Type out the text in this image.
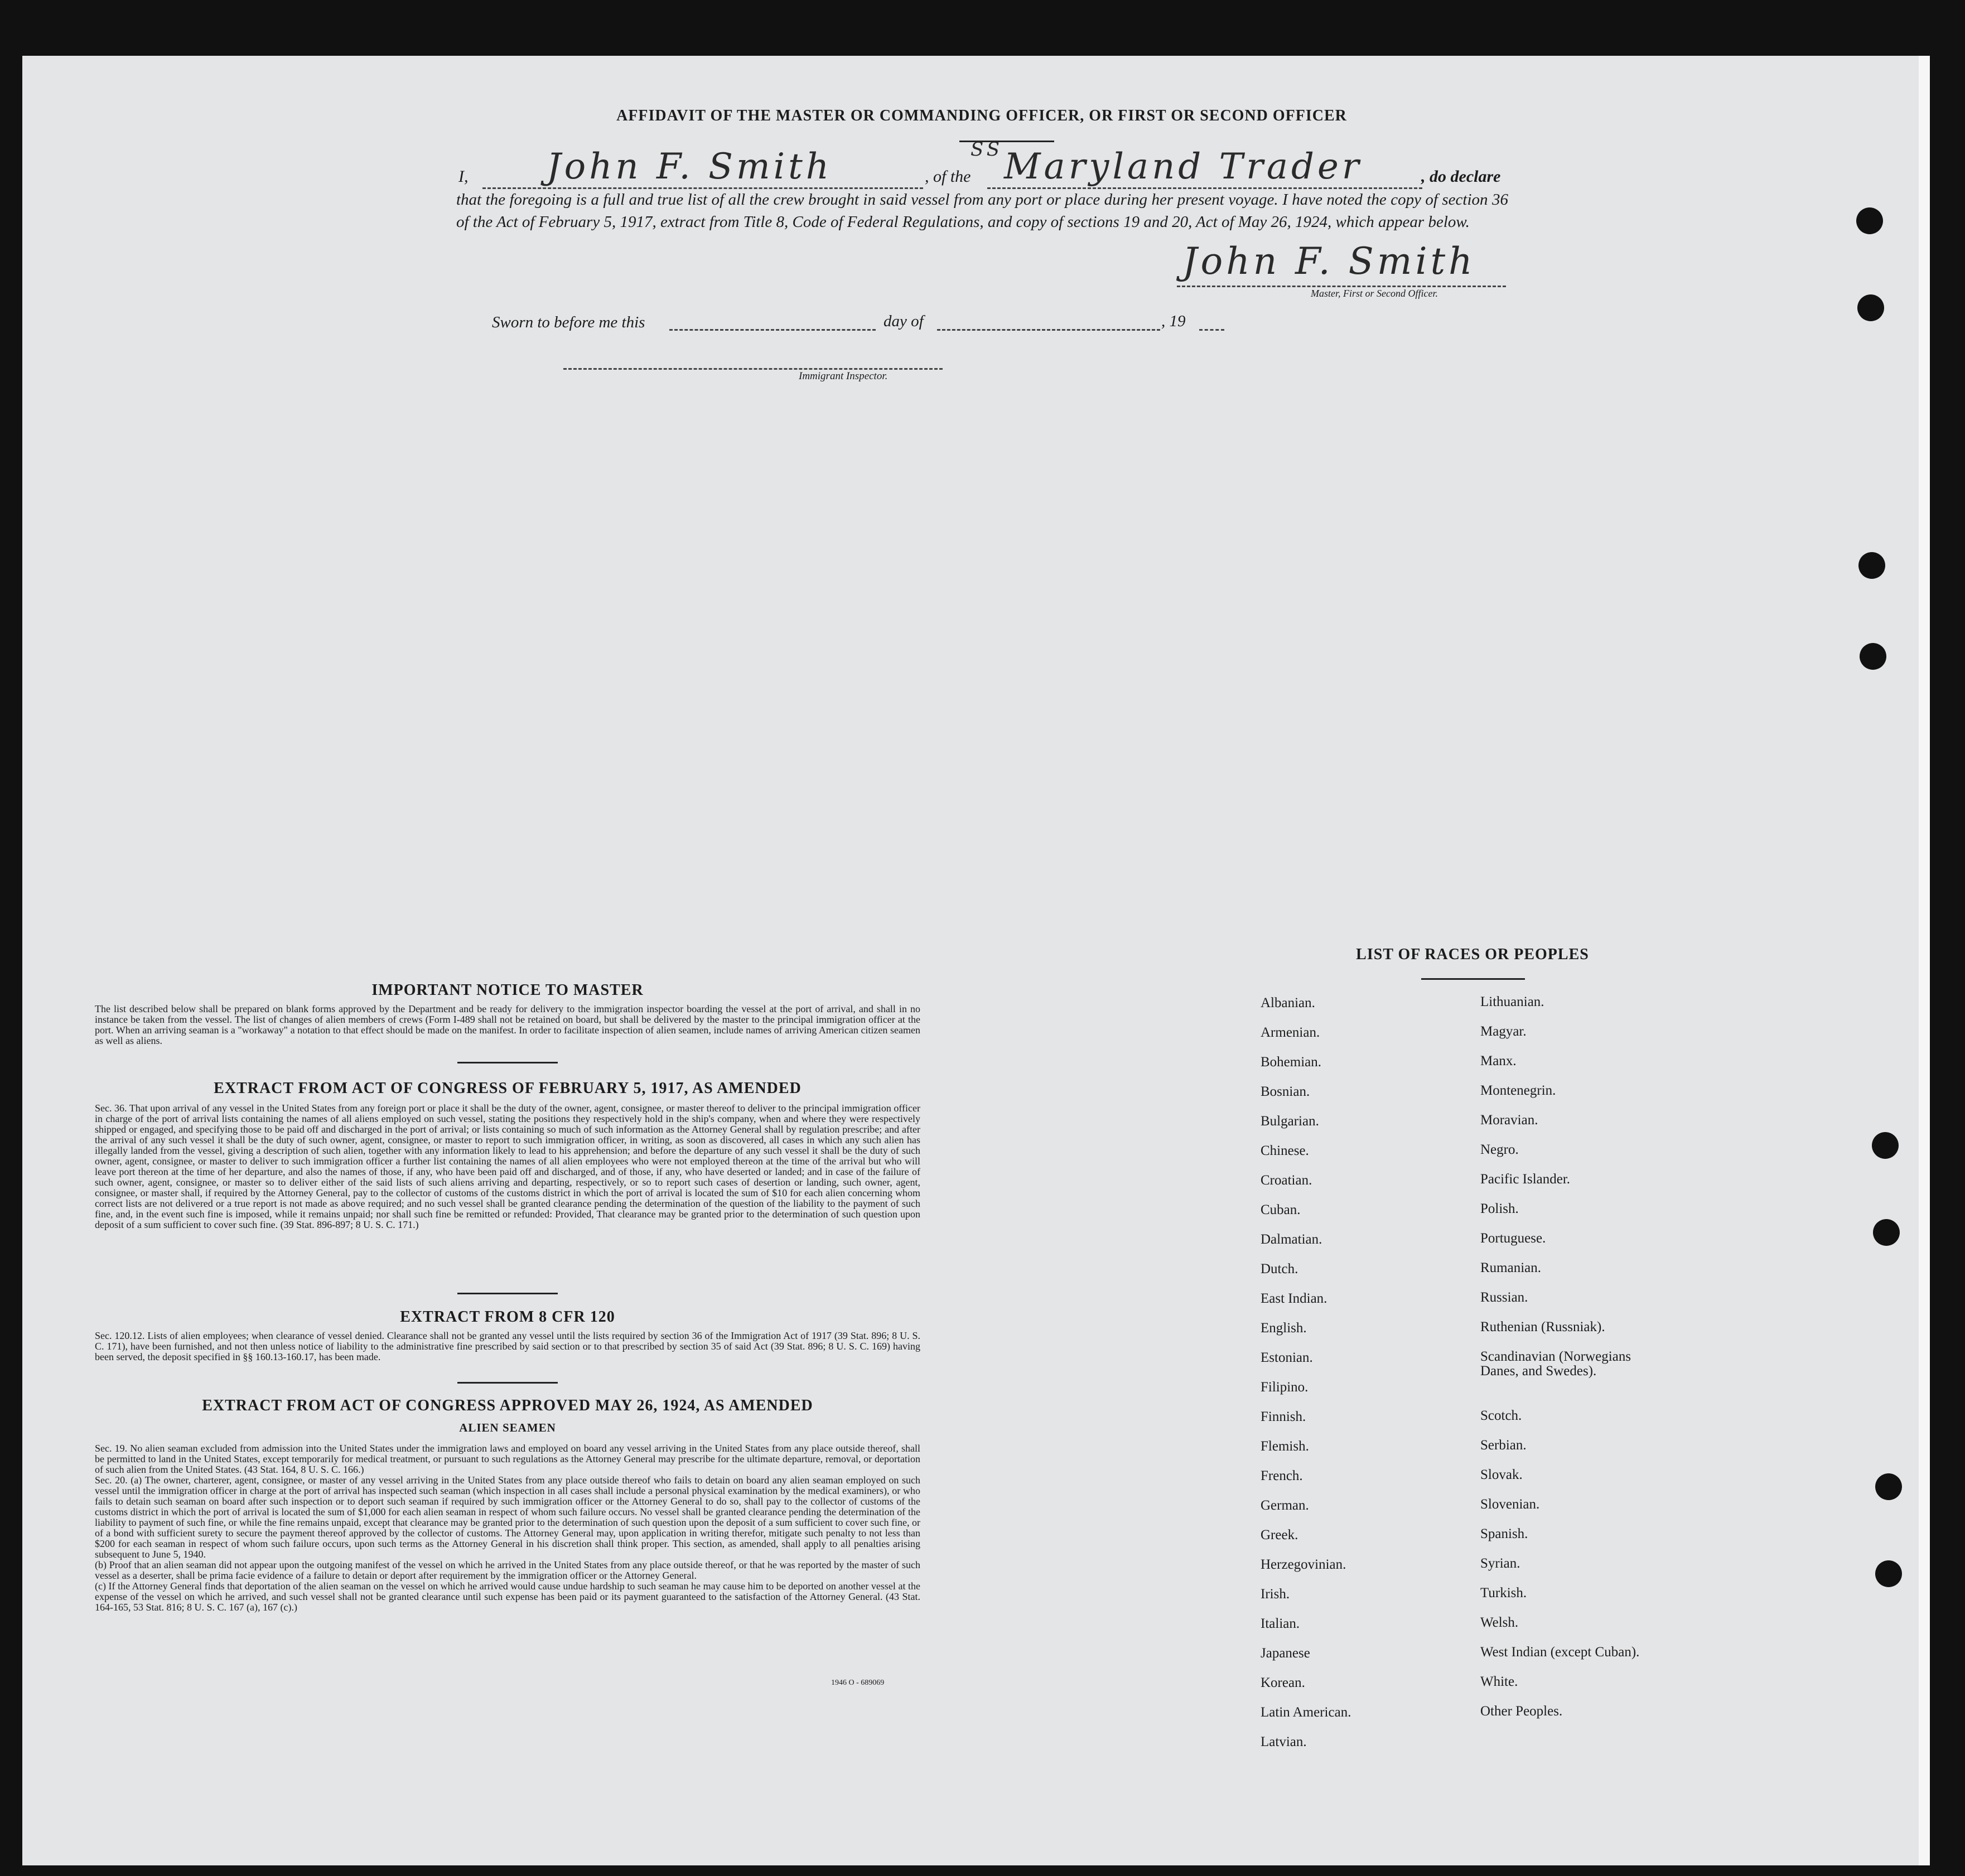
AFFIDAVIT OF THE MASTER OR COMMANDING OFFICER, OR FIRST OR SECOND OFFICER
I, John F. Smith	, of the
SS Maryland Trader	, do declare
that the foregoing is a full and true list of all the crew brought in said vessel from any port or place during her present voyage. I have noted the copy of section 36 of the Act of February 5, 1917, extract from Title 8, Code of Federal Regulations, and copy of sections 19 and 20, Act of May 26, 1924, which appear below.
John F. Smith
Master, First or Second Officer.
Sworn to before me this	day of	, 19
Immigrant Inspector.
IMPORTANT NOTICE TO MASTER
The list described below shall be prepared on blank forms approved by the Department and be ready for delivery to the immigration inspector boarding the vessel at the port of arrival, and shall in no instance be taken from the vessel. The list of changes of alien members of crews (Form I-489 shall not be retained on board, but shall be delivered by the master to the principal immigration officer at the port. When an arriving seaman is a "workaway" a notation to that effect should be made on the manifest. In order to facilitate inspection of alien seamen, include names of arriving American citizen seamen as well as aliens.
EXTRACT FROM ACT OF CONGRESS OF FEBRUARY 5, 1917, AS AMENDED
Sec. 36. That upon arrival of any vessel in the United States from any foreign port or place it shall be the duty of the owner, agent, consignee, or master thereof to deliver to the principal immigration officer in charge of the port of arrival lists containing the names of all aliens employed on such vessel, stating the positions they respectively hold in the ship's company, when and where they were respectively shipped or engaged, and specifying those to be paid off and discharged in the port of arrival; or lists containing so much of such information as the Attorney General shall by regulation prescribe; and after the arrival of any such vessel it shall be the duty of such owner, agent, consignee, or master to report to such immigration officer, in writing, as soon as discovered, all cases in which any such alien has illegally landed from the vessel, giving a description of such alien, together with any information likely to lead to his apprehension; and before the departure of any such vessel it shall be the duty of such owner, agent, consignee, or master to deliver to such immigration officer a further list containing the names of all alien employees who were not employed thereon at the time of the arrival but who will leave port thereon at the time of her departure, and also the names of those, if any, who have been paid off and discharged, and of those, if any, who have deserted or landed; and in case of the failure of such owner, agent, consignee, or master so to deliver either of the said lists of such aliens arriving and departing, respectively, or so to report such cases of desertion or landing, such owner, agent, consignee, or master shall, if required by the Attorney General, pay to the collector of customs of the customs district in which the port of arrival is located the sum of $10 for each alien concerning whom correct lists are not delivered or a true report is not made as above required; and no such vessel shall be granted clearance pending the determination of the question of the liability to the payment of such fine, and, in the event such fine is imposed, while it remains unpaid; nor shall such fine be remitted or refunded: Provided, That clearance may be granted prior to the determination of such question upon deposit of a sum sufficient to cover such fine. (39 Stat. 896-897; 8 U. S. C. 171.)
EXTRACT FROM 8 CFR 120
Sec. 120.12. Lists of alien employees; when clearance of vessel denied. Clearance shall not be granted any vessel until the lists required by section 36 of the Immigration Act of 1917 (39 Stat. 896; 8 U. S. C. 171), have been furnished, and not then unless notice of liability to the administrative fine prescribed by said section or to that prescribed by section 35 of said Act (39 Stat. 896; 8 U. S. C. 169) having been served, the deposit specified in §§ 160.13-160.17, has been made.
EXTRACT FROM ACT OF CONGRESS APPROVED MAY 26, 1924, AS AMENDED
ALIEN SEAMEN
Sec. 19. No alien seaman excluded from admission into the United States under the immigration laws and employed on board any vessel arriving in the United States from any place outside thereof, shall be permitted to land in the United States, except temporarily for medical treatment, or pursuant to such regulations as the Attorney General may prescribe for the ultimate departure, removal, or deportation of such alien from the United States. (43 Stat. 164, 8 U. S. C. 166.)
Sec. 20. (a) The owner, charterer, agent, consignee, or master of any vessel arriving in the United States from any place outside thereof who fails to detain on board any alien seaman employed on such vessel until the immigration officer in charge at the port of arrival has inspected such seaman (which inspection in all cases shall include a personal physical examination by the medical examiners), or who fails to detain such seaman on board after such inspection or to deport such seaman if required by such immigration officer or the Attorney General to do so, shall pay to the collector of customs of the customs district in which the port of arrival is located the sum of $1,000 for each alien seaman in respect of whom such failure occurs. No vessel shall be granted clearance pending the determination of the liability to payment of such fine, or while the fine remains unpaid, except that clearance may be granted prior to the determination of such question upon the deposit of a sum sufficient to cover such fine, or of a bond with sufficient surety to secure the payment thereof approved by the collector of customs. The Attorney General may, upon application in writing therefor, mitigate such penalty to not less than $200 for each seaman in respect of whom such failure occurs, upon such terms as the Attorney General in his discretion shall think proper. This section, as amended, shall apply to all penalties arising subsequent to June 5, 1940.
(b) Proof that an alien seaman did not appear upon the outgoing manifest of the vessel on which he arrived in the United States from any place outside thereof, or that he was reported by the master of such vessel as a deserter, shall be prima facie evidence of a failure to detain or deport after requirement by the immigration officer or the Attorney General.
(c) If the Attorney General finds that deportation of the alien seaman on the vessel on which he arrived would cause undue hardship to such seaman he may cause him to be deported on another vessel at the expense of the vessel on which he arrived, and such vessel shall not be granted clearance until such expense has been paid or its payment guaranteed to the satisfaction of the Attorney General. (43 Stat. 164-165, 53 Stat. 816; 8 U. S. C. 167 (a), 167 (c).)
1946 O - 689069
LIST OF RACES OR PEOPLES
Albanian.
Armenian.
Bohemian.
Bosnian.
Bulgarian.
Chinese.
Croatian.
Cuban.
Dalmatian.
Dutch.
East Indian.
English.
Estonian.
Filipino.
Finnish.
Flemish.
French.
German.
Greek.
Herzegovinian.
Irish.
Italian.
Japanese
Korean.
Latin American.
Latvian.
Lithuanian.
Magyar.
Manx.
Montenegrin.
Moravian.
Negro.
Pacific Islander.
Polish.
Portuguese.
Rumanian.
Russian.
Ruthenian (Russniak).
Scandinavian (Norwegians
Danes, and Swedes).
Scotch.
Serbian.
Slovak.
Slovenian.
Spanish.
Syrian.
Turkish.
Welsh.
West Indian (except Cuban).
White.
Other Peoples.
